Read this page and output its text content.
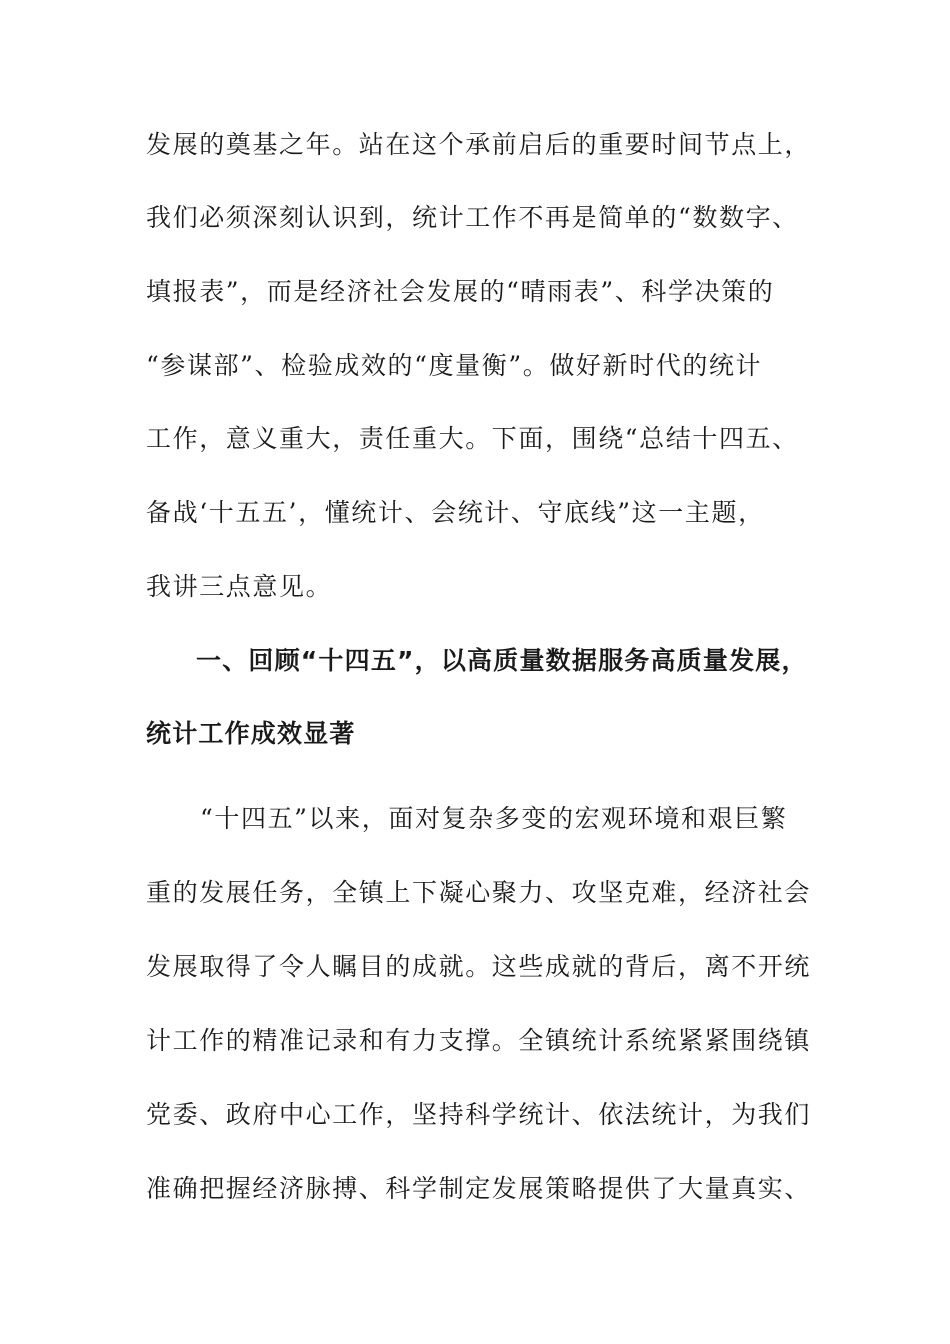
发展的奠基之年。站在这个承前启后的重要时间节点上，
我们必须深刻认识到，统计工作不再是简单的“数数字、
填报表”，而是经济社会发展的“晴雨表”、科学决策的
“参谋部”、检验成效的“度量衡”。做好新时代的统计
工作，意义重大，责任重大。下面，围绕“总结十四五、
备战‘十五五’，懂统计、会统计、守底线”这一主题，
我讲三点意见。
一、回顾“十四五”，以高质量数据服务高质量发展，
统计工作成效显著
“十四五”以来，面对复杂多变的宏观环境和艰巨繁
重的发展任务，全镇上下凝心聚力、攻坚克难，经济社会
发展取得了令人瞩目的成就。这些成就的背后，离不开统
计工作的精准记录和有力支撑。全镇统计系统紧紧围绕镇
党委、政府中心工作，坚持科学统计、依法统计，为我们
准确把握经济脉搏、科学制定发展策略提供了大量真实、
